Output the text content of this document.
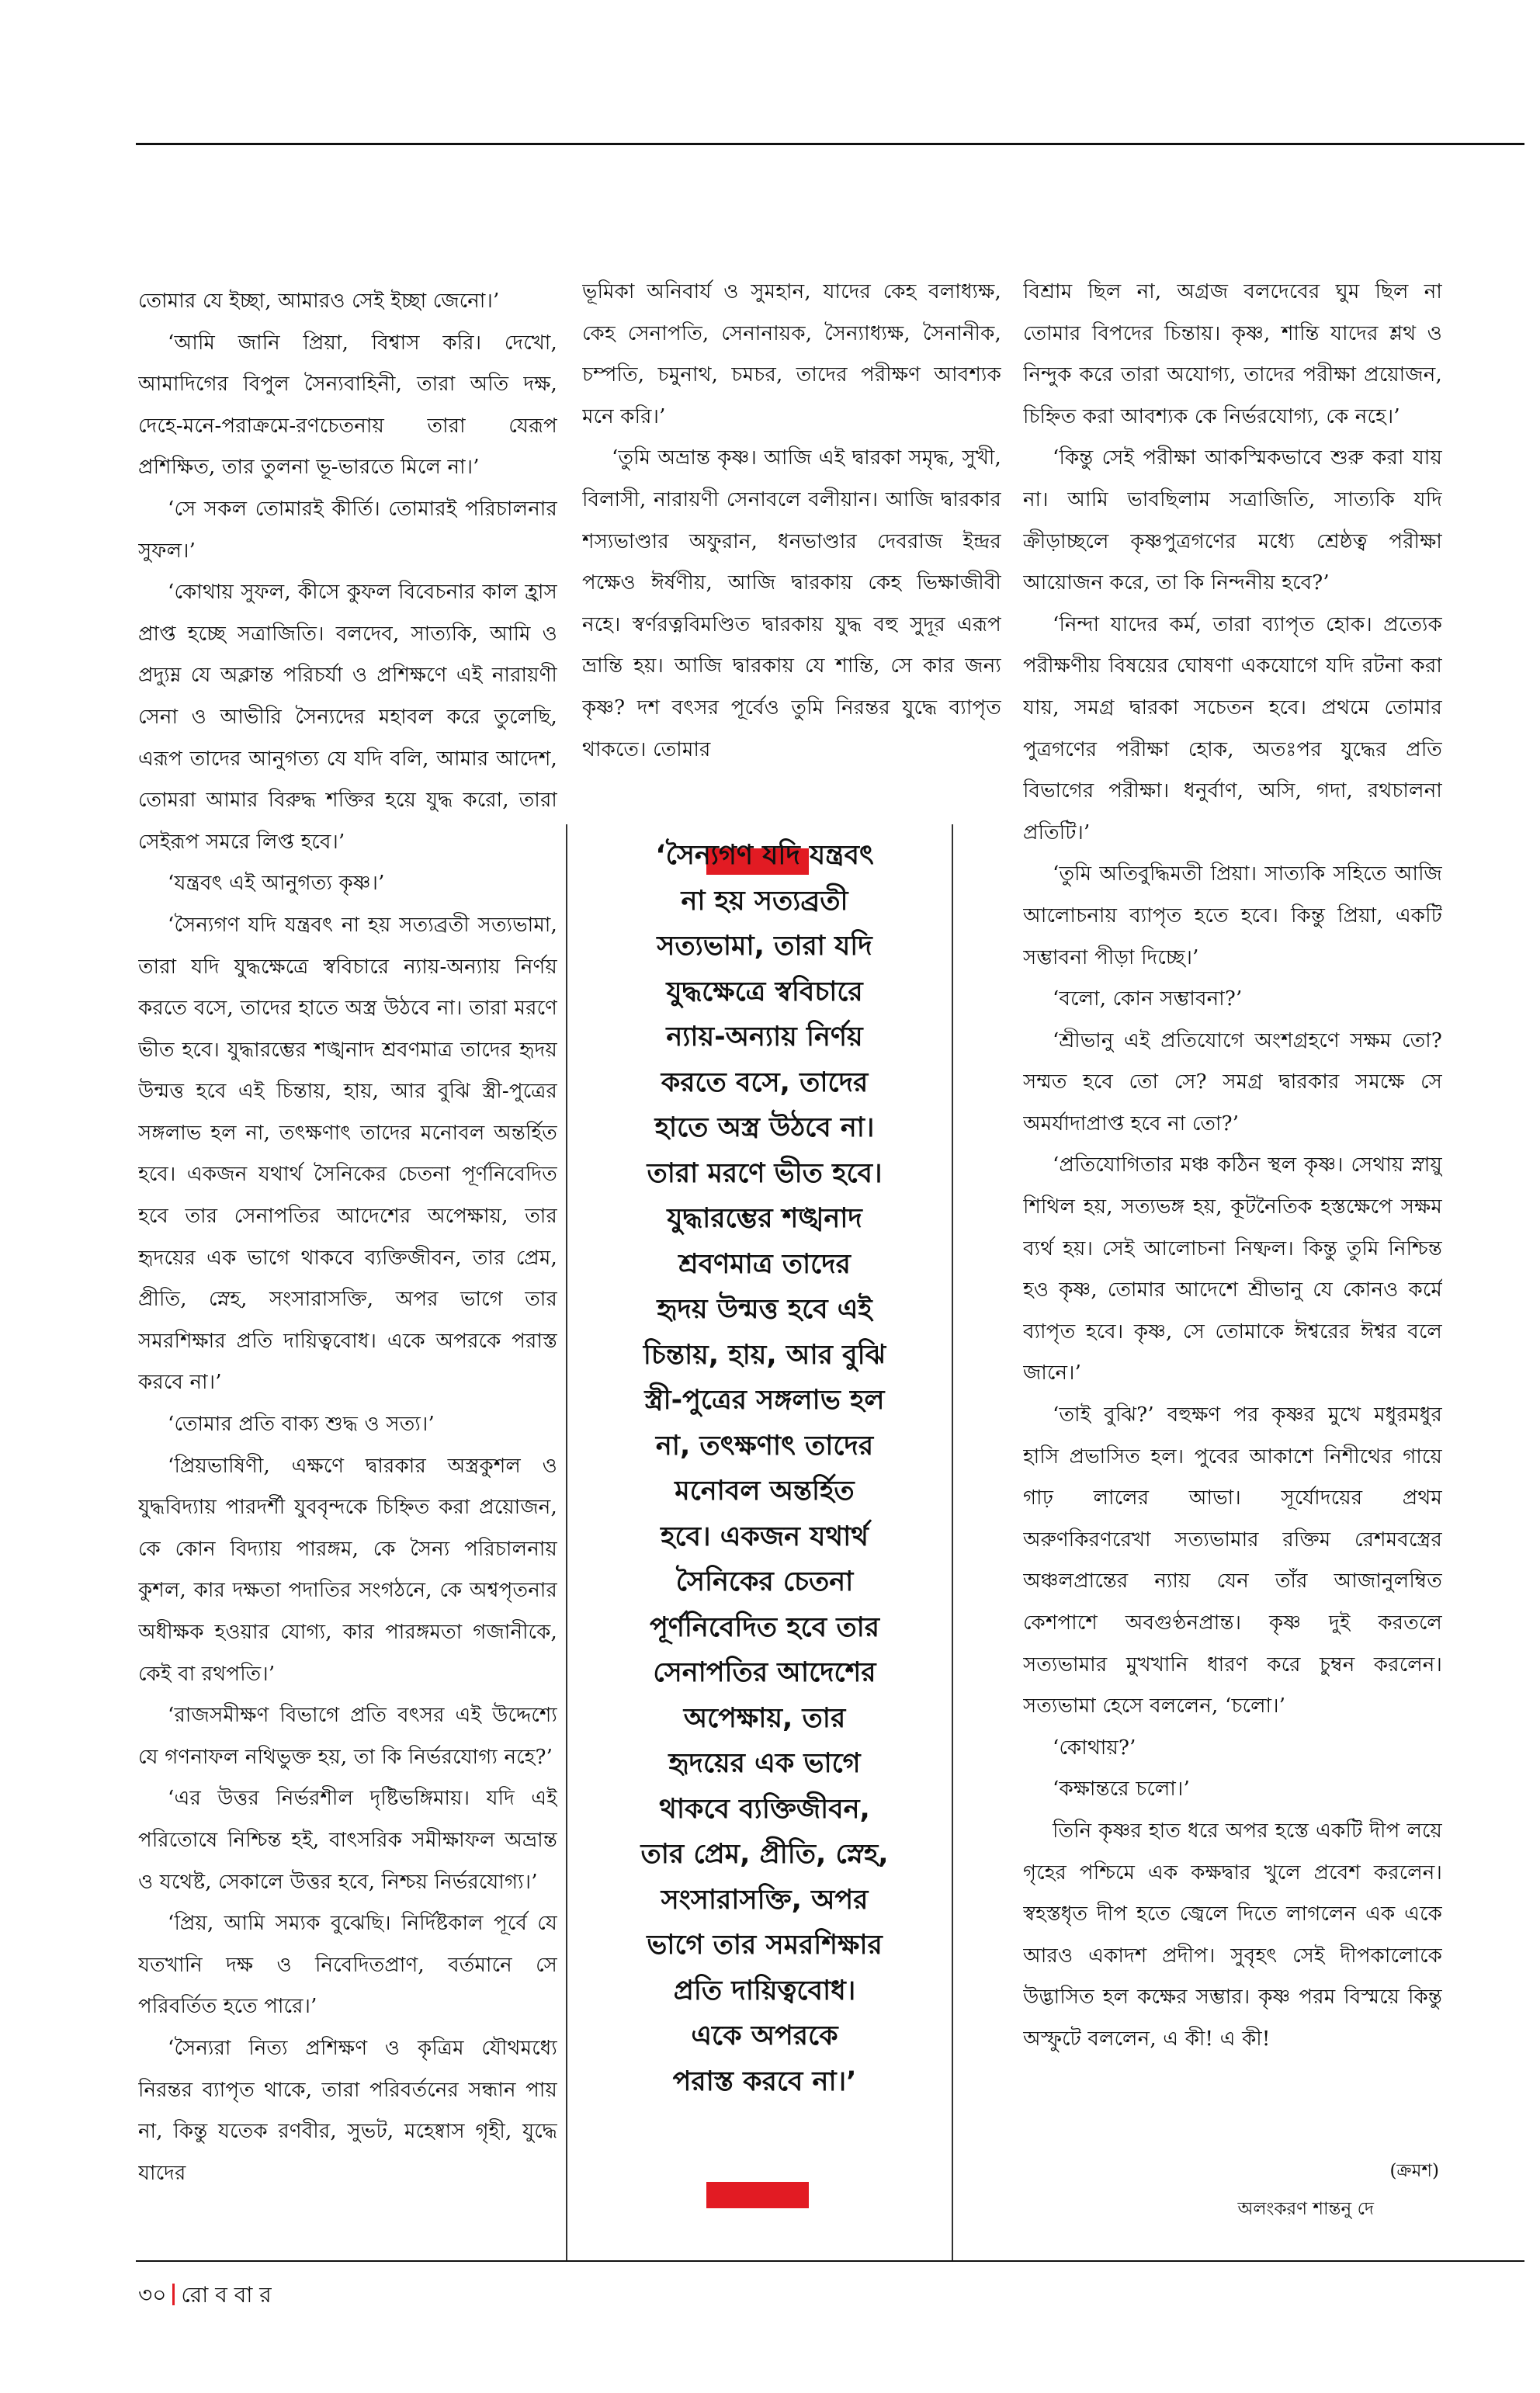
তোমার যে ইচ্ছা, আমারও সেই ইচ্ছা জেনো।’

‘আমি জানি প্রিয়া, বিশ্বাস করি। দেখো, আমাদিগের বিপুল সৈন্যবাহিনী, তারা অতি দক্ষ, দেহে-মনে-পরাক্রমে-রণচেতনায় তারা যেরূপ প্রশিক্ষিত, তার তুলনা ভূ-ভারতে মিলে না।’

‘সে সকল তোমারই কীর্তি। তোমারই পরিচালনার সুফল।’

‘কোথায় সুফল, কীসে কুফল বিবেচনার কাল হ্রাস প্রাপ্ত হচ্ছে সত্রাজিতি। বলদেব, সাত্যকি, আমি ও প্রদ্যুম্ন যে অক্লান্ত পরিচর্যা ও প্রশিক্ষণে এই নারায়ণী সেনা ও আভীরি সৈন্যদের মহাবল করে তুলেছি, এরূপ তাদের আনুগত্য যে যদি বলি, আমার আদেশ, তোমরা আমার বিরুদ্ধ শক্তির হয়ে যুদ্ধ করো, তারা সেইরূপ সমরে লিপ্ত হবে।’

‘যন্ত্রবৎ এই আনুগত্য কৃষ্ণ।’

‘সৈন্যগণ যদি যন্ত্রবৎ না হয় সত্যব্রতী সত্যভামা, তারা যদি যুদ্ধক্ষেত্রে স্ববিচারে ন্যায়-অন্যায় নির্ণয় করতে বসে, তাদের হাতে অস্ত্র উঠবে না। তারা মরণে ভীত হবে। যুদ্ধারম্ভের শঙ্খনাদ শ্রবণমাত্র তাদের হৃদয় উন্মত্ত হবে এই চিন্তায়, হায়, আর বুঝি স্ত্রী-পুত্রের সঙ্গলাভ হল না, তৎক্ষণাৎ তাদের মনোবল অন্তর্হিত হবে। একজন যথার্থ সৈনিকের চেতনা পূর্ণনিবেদিত হবে তার সেনাপতির আদেশের অপেক্ষায়, তার হৃদয়ের এক ভাগে থাকবে ব্যক্তিজীবন, তার প্রেম, প্রীতি, স্নেহ, সংসারাসক্তি, অপর ভাগে তার সমরশিক্ষার প্রতি দায়িত্ববোধ। একে অপরকে পরাস্ত করবে না।’

‘তোমার প্রতি বাক্য শুদ্ধ ও সত্য।’

‘প্রিয়ভাষিণী, এক্ষণে দ্বারকার অস্ত্রকুশল ও যুদ্ধবিদ্যায় পারদর্শী যুববৃন্দকে চিহ্নিত করা প্রয়োজন, কে কোন বিদ্যায় পারঙ্গম, কে সৈন্য পরিচালনায় কুশল, কার দক্ষতা পদাতির সংগঠনে, কে অশ্বপৃতনার অধীক্ষক হওয়ার যোগ্য, কার পারঙ্গমতা গজানীকে, কেই বা রথপতি।’

‘রাজসমীক্ষণ বিভাগে প্রতি বৎসর এই উদ্দেশ্যে যে গণনাফল নথিভুক্ত হয়, তা কি নির্ভরযোগ্য নহে?’

‘এর উত্তর নির্ভরশীল দৃষ্টিভঙ্গিমায়। যদি এই পরিতোষে নিশ্চিন্ত হই, বাৎসরিক সমীক্ষাফল অভ্রান্ত ও যথেষ্ট, সেকালে উত্তর হবে, নিশ্চয় নির্ভরযোগ্য।’

‘প্রিয়, আমি সম্যক বুঝেছি। নির্দিষ্টকাল পূর্বে যে যতখানি দক্ষ ও নিবেদিতপ্রাণ, বর্তমানে সে পরিবর্তিত হতে পারে।’

‘সৈন্যরা নিত্য প্রশিক্ষণ ও কৃত্রিম যৌথমধ্যে নিরন্তর ব্যাপৃত থাকে, তারা পরিবর্তনের সন্ধান পায় না, কিন্তু যতেক রণবীর, সুভট, মহেষ্বাস গৃহী, যুদ্ধে যাদের

ভূমিকা অনিবার্য ও সুমহান, যাদের কেহ বলাধ্যক্ষ, কেহ সেনাপতি, সেনানায়ক, সৈন্যাধ্যক্ষ, সৈনানীক, চম্পতি, চমুনাথ, চমচর, তাদের পরীক্ষণ আবশ্যক মনে করি।’

‘তুমি অভ্রান্ত কৃষ্ণ। আজি এই দ্বারকা সমৃদ্ধ, সুখী, বিলাসী, নারায়ণী সেনাবলে বলীয়ান। আজি দ্বারকার শস্যভাণ্ডার অফুরান, ধনভাণ্ডার দেবরাজ ইন্দ্রর পক্ষেও ঈর্ষণীয়, আজি দ্বারকায় কেহ ভিক্ষাজীবী নহে। স্বর্ণরত্নবিমণ্ডিত দ্বারকায় যুদ্ধ বহু সুদূর এরূপ ভ্রান্তি হয়। আজি দ্বারকায় যে শান্তি, সে কার জন্য কৃষ্ণ? দশ বৎসর পূর্বেও তুমি নিরন্তর যুদ্ধে ব্যাপৃত থাকতে। তোমার

বিশ্রাম ছিল না, অগ্রজ বলদেবের ঘুম ছিল না তোমার বিপদের চিন্তায়। কৃষ্ণ, শান্তি যাদের শ্লথ ও নিন্দুক করে তারা অযোগ্য, তাদের পরীক্ষা প্রয়োজন, চিহ্নিত করা আবশ্যক কে নির্ভরযোগ্য, কে নহে।’

‘কিন্তু সেই পরীক্ষা আকস্মিকভাবে শুরু করা যায় না। আমি ভাবছিলাম সত্রাজিতি, সাত্যকি যদি ক্রীড়াচ্ছলে কৃষ্ণপুত্রগণের মধ্যে শ্রেষ্ঠত্ব পরীক্ষা আয়োজন করে, তা কি নিন্দনীয় হবে?’

‘নিন্দা যাদের কর্ম, তারা ব্যাপৃত হোক। প্রত্যেক পরীক্ষণীয় বিষয়ের ঘোষণা একযোগে যদি রটনা করা যায়, সমগ্র দ্বারকা সচেতন হবে। প্রথমে তোমার পুত্রগণের পরীক্ষা হোক, অতঃপর যুদ্ধের প্রতি বিভাগের পরীক্ষা। ধনুর্বাণ, অসি, গদা, রথচালনা প্রতিটি।’

‘তুমি অতিবুদ্ধিমতী প্রিয়া। সাত্যকি সহিতে আজি আলোচনায় ব্যাপৃত হতে হবে। কিন্তু প্রিয়া, একটি সম্ভাবনা পীড়া দিচ্ছে।’

‘বলো, কোন সম্ভাবনা?’

‘শ্রীভানু এই প্রতিযোগে অংশগ্রহণে সক্ষম তো? সম্মত হবে তো সে? সমগ্র দ্বারকার সমক্ষে সে অমর্যাদাপ্রাপ্ত হবে না তো?’

‘প্রতিযোগিতার মঞ্চ কঠিন স্থল কৃষ্ণ। সেথায় স্নায়ু শিথিল হয়, সত্যভঙ্গ হয়, কূটনৈতিক হস্তক্ষেপে সক্ষম ব্যর্থ হয়। সেই আলোচনা নিষ্ফল। কিন্তু তুমি নিশ্চিন্ত হও কৃষ্ণ, তোমার আদেশে শ্রীভানু যে কোনও কর্মে ব্যাপৃত হবে। কৃষ্ণ, সে তোমাকে ঈশ্বরের ঈশ্বর বলে জানে।’

‘তাই বুঝি?’ বহুক্ষণ পর কৃষ্ণর মুখে মধুরমধুর হাসি প্রভাসিত হল। পুবের আকাশে নিশীথের গায়ে গাঢ় লালের আভা। সূর্যোদয়ের প্রথম অরুণকিরণরেখা সত্যভামার রক্তিম রেশমবস্ত্রের অঞ্চলপ্রান্তের ন্যায় যেন তাঁর আজানুলম্বিত কেশপাশে অবগুণ্ঠনপ্রান্ত। কৃষ্ণ দুই করতলে সত্যভামার মুখখানি ধারণ করে চুম্বন করলেন। সত্যভামা হেসে বললেন, ‘চলো।’

‘কোথায়?’

‘কক্ষান্তরে চলো।’

তিনি কৃষ্ণর হাত ধরে অপর হস্তে একটি দীপ লয়ে গৃহের পশ্চিমে এক কক্ষদ্বার খুলে প্রবেশ করলেন। স্বহস্তধৃত দীপ হতে জ্বেলে দিতে লাগলেন এক একে আরও একাদশ প্রদীপ। সুবৃহৎ সেই দীপকালোকে উদ্ভাসিত হল কক্ষের সম্ভার। কৃষ্ণ পরম বিস্ময়ে কিন্তু অস্ফুটে বললেন, এ কী! এ কী!

‘সৈন্যগণ যদি যন্ত্রবৎ
না হয় সত্যব্রতী
সত্যভামা, তারা যদি
যুদ্ধক্ষেত্রে স্ববিচারে
ন্যায়-অন্যায় নির্ণয়
করতে বসে, তাদের
হাতে অস্ত্র উঠবে না।
তারা মরণে ভীত হবে।
যুদ্ধারম্ভের শঙ্খনাদ
শ্রবণমাত্র তাদের
হৃদয় উন্মত্ত হবে এই
চিন্তায়, হায়, আর বুঝি
স্ত্রী-পুত্রের সঙ্গলাভ হল
না, তৎক্ষণাৎ তাদের
মনোবল অন্তর্হিত
হবে। একজন যথার্থ
সৈনিকের চেতনা
পূর্ণনিবেদিত হবে তার
সেনাপতির আদেশের
অপেক্ষায়, তার
হৃদয়ের এক ভাগে
থাকবে ব্যক্তিজীবন,
তার প্রেম, প্রীতি, স্নেহ,
সংসারাসক্তি, অপর
ভাগে তার সমরশিক্ষার
প্রতি দায়িত্ববোধ।
একে অপরকে
পরাস্ত করবে না।’
(ক্রমশ)
অলংকরণ শান্তনু দে
৩০ রো ব বা র
